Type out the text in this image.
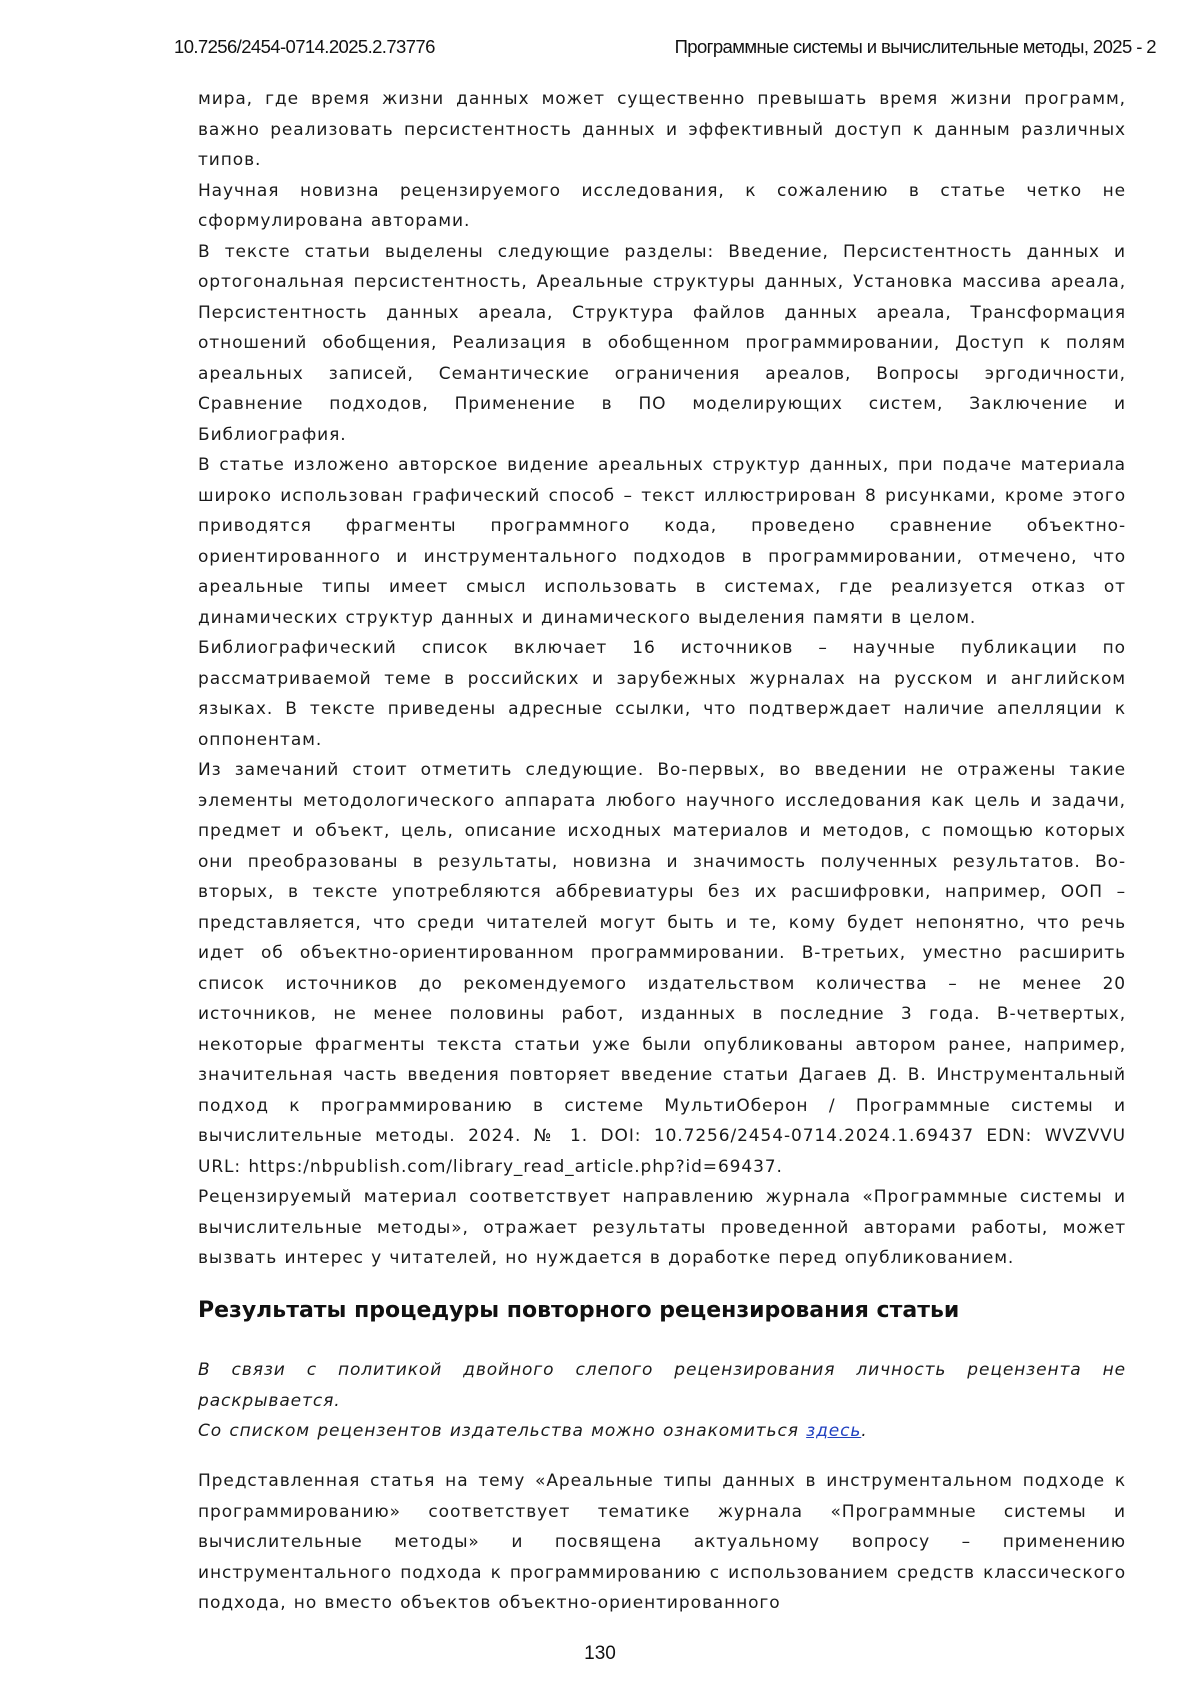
10.7256/2454-0714.2025.2.73776	Программные системы и вычислительные методы, 2025 - 2

мира, где время жизни данных может существенно превышать время жизни программ, важно реализовать персистентность данных и эффективный доступ к данным различных типов.

Научная новизна рецензируемого исследования, к сожалению в статье четко не сформулирована авторами.

В тексте статьи выделены следующие разделы: Введение, Персистентность данных и ортогональная персистентность, Ареальные структуры данных, Установка массива ареала, Персистентность данных ареала, Структура файлов данных ареала, Трансформация отношений обобщения, Реализация в обобщенном программировании, Доступ к полям ареальных записей, Семантические ограничения ареалов, Вопросы эргодичности, Сравнение подходов, Применение в ПО моделирующих систем, Заключение и Библиография.

В статье изложено авторское видение ареальных структур данных, при подаче материала широко использован графический способ – текст иллюстрирован 8 рисунками, кроме этого приводятся фрагменты программного кода, проведено сравнение объектно-ориентированного и инструментального подходов в программировании, отмечено, что ареальные типы имеет смысл использовать в системах, где реализуется отказ от динамических структур данных и динамического выделения памяти в целом.

Библиографический список включает 16 источников – научные публикации по рассматриваемой теме в российских и зарубежных журналах на русском и английском языках. В тексте приведены адресные ссылки, что подтверждает наличие апелляции к оппонентам.

Из замечаний стоит отметить следующие. Во-первых, во введении не отражены такие элементы методологического аппарата любого научного исследования как цель и задачи, предмет и объект, цель, описание исходных материалов и методов, с помощью которых они преобразованы в результаты, новизна и значимость полученных результатов. Во-вторых, в тексте употребляются аббревиатуры без их расшифровки, например, ООП – представляется, что среди читателей могут быть и те, кому будет непонятно, что речь идет об объектно-ориентированном программировании. В-третьих, уместно расширить список источников до рекомендуемого издательством количества – не менее 20 источников, не менее половины работ, изданных в последние 3 года. В-четвертых, некоторые фрагменты текста статьи уже были опубликованы автором ранее, например, значительная часть введения повторяет введение статьи Дагаев Д. В. Инструментальный подход к программированию в системе МультиОберон / Программные системы и вычислительные методы. 2024. № 1. DOI: 10.7256/2454-0714.2024.1.69437 EDN: WVZVVU URL: https:/nbpublish.com/library_read_article.php?id=69437.

Рецензируемый материал соответствует направлению журнала «Программные системы и вычислительные методы», отражает результаты проведенной авторами работы, может вызвать интерес у читателей, но нуждается в доработке перед опубликованием.

Результаты процедуры повторного рецензирования статьи

В связи с политикой двойного слепого рецензирования личность рецензента не раскрывается.

Со списком рецензентов издательства можно ознакомиться здесь.

Представленная статья на тему «Ареальные типы данных в инструментальном подходе к программированию» соответствует тематике журнала «Программные системы и вычислительные методы» и посвящена актуальному вопросу – применению инструментального подхода к программированию с использованием средств классического подхода, но вместо объектов объектно-ориентированного

130
